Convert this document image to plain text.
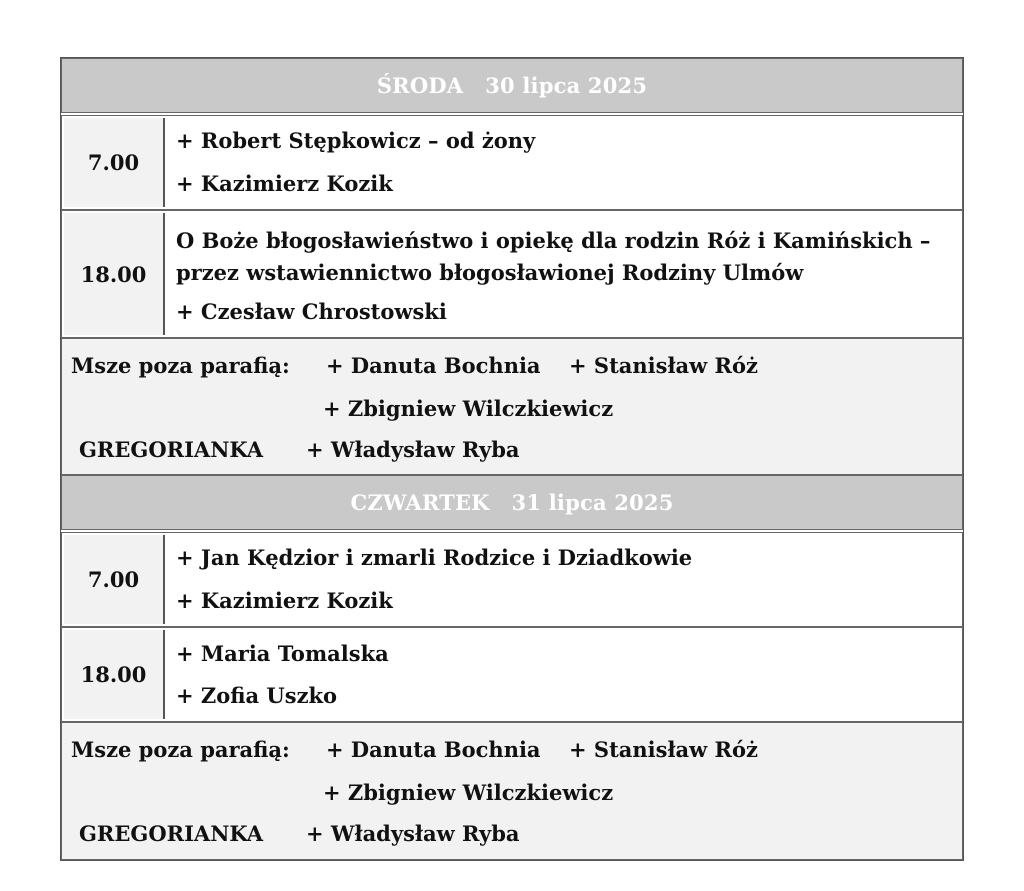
ŚRODA 30 lipca 2025
7.00
+ Robert Stępkowicz – od żony
+ Kazimierz Kozik
18.00
O Boże błogosławieństwo i opiekę dla rodzin Róż i Kamińskich –
przez wstawiennictwo błogosławionej Rodziny Ulmów
+ Czesław Chrostowski
Msze poza parafią: + Danuta Bochnia + Stanisław Róż
+ Zbigniew Wilczkiewicz
GREGORIANKA + Władysław Ryba
CZWARTEK 31 lipca 2025
7.00
+ Jan Kędzior i zmarli Rodzice i Dziadkowie
+ Kazimierz Kozik
18.00
+ Maria Tomalska
+ Zofia Uszko
Msze poza parafią: + Danuta Bochnia + Stanisław Róż
+ Zbigniew Wilczkiewicz
GREGORIANKA + Władysław Ryba
